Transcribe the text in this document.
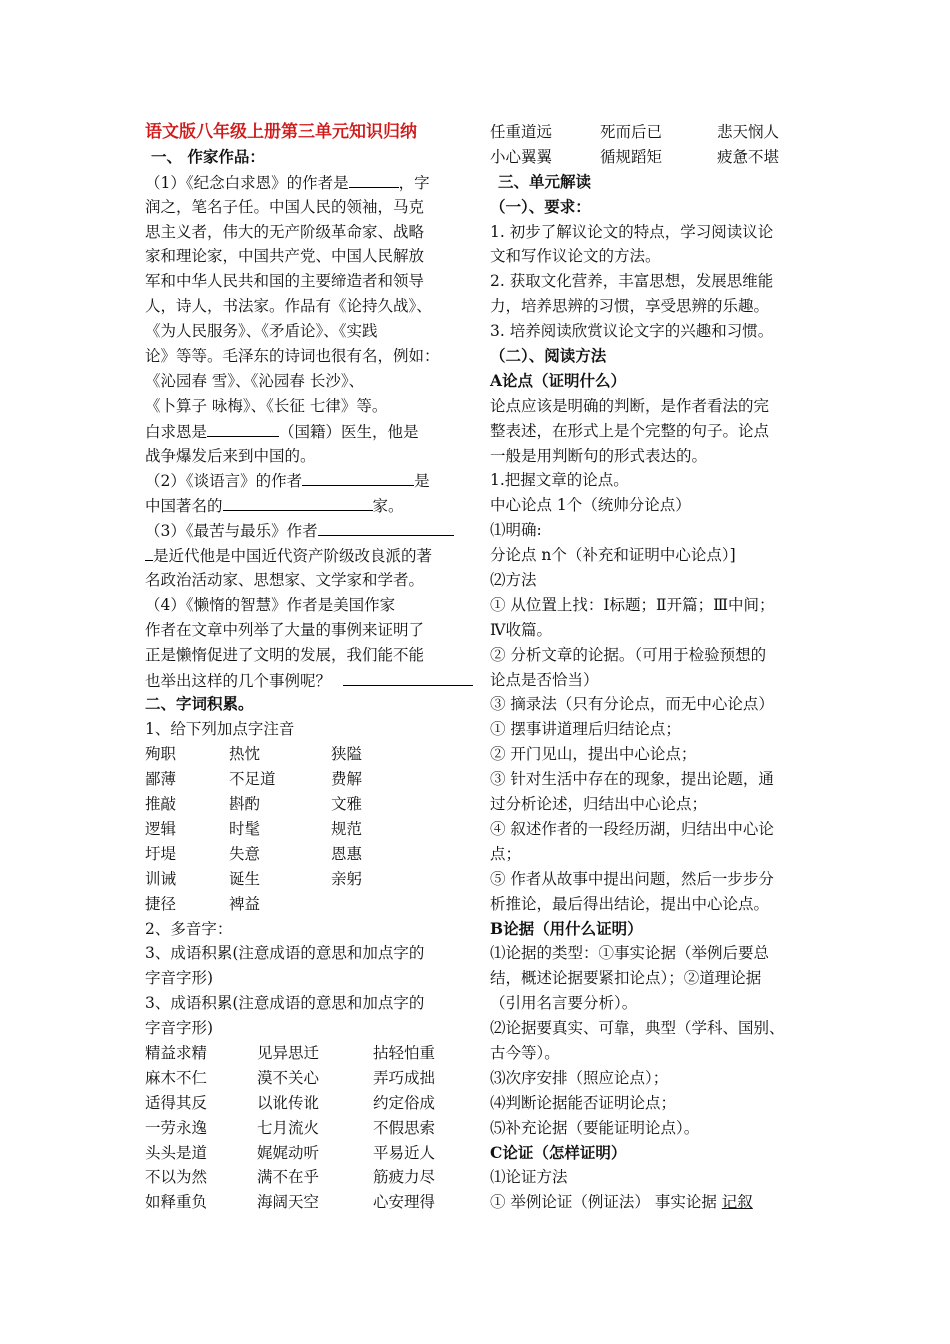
语文版八年级上册第三单元知识归纳
一、 作家作品：
（1）《纪念白求恩》的作者是	，字
润之，笔名子任。中国人民的领袖，马克
思主义者，伟大的无产阶级革命家、战略
家和理论家，中国共产党、中国人民解放
军和中华人民共和国的主要缔造者和领导
人，诗人，书法家。作品有《论持久战》、
《为人民服务》、《矛盾论》、《实践
论》等等。毛泽东的诗词也很有名，例如：
《沁园春 雪》、《沁园春 长沙》、
《卜算子 咏梅》、《长征 七律》等。
白求恩是	（国籍）医生，他是
战争爆发后来到中国的。
（2）《谈语言》的作者	是
中国著名的	家。
（3）《最苦与最乐》作者
是近代他是中国近代资产阶级改良派的著
名政治活动家、思想家、文学家和学者。
（4）《懒惰的智慧》作者是美国作家
作者在文章中列举了大量的事例来证明了
正是懒惰促进了文明的发展，我们能不能
也举出这样的几个事例呢？
二、字词积累。
1、给下列加点字注音
殉职	热忱	狭隘
鄙薄	不足道	费解
推敲	斟酌	文雅
逻辑	时髦	规范
圩堤	失意	恩惠
训诫	诞生	亲躬
捷径	裨益
2、多音字：
3、成语积累(注意成语的意思和加点字的
字音字形)
3、成语积累(注意成语的意思和加点字的
字音字形)
精益求精	见异思迁	拈轻怕重
麻木不仁	漠不关心	弄巧成拙
适得其反	以讹传讹	约定俗成
一劳永逸	七月流火	不假思索
头头是道	娓娓动听	平易近人
不以为然	满不在乎	筋疲力尽
如释重负	海阔天空	心安理得
任重道远	死而后已	悲天悯人
小心翼翼	循规蹈矩	疲惫不堪
三、单元解读
（一）、要求：
1. 初步了解议论文的特点，学习阅读议论
文和写作议论文的方法。
2. 获取文化营养，丰富思想，发展思维能
力，培养思辨的习惯，享受思辨的乐趣。
3. 培养阅读欣赏议论文字的兴趣和习惯。
（二）、阅读方法
A论点（证明什么）
论点应该是明确的判断，是作者看法的完
整表述，在形式上是个完整的句子。论点
一般是用判断句的形式表达的。
1.把握文章的论点。
中心论点 1个（统帅分论点）
⑴明确:
分论点 n个（补充和证明中心论点）]
⑵方法
① 从位置上找：Ⅰ标题；Ⅱ开篇；Ⅲ中间；
Ⅳ收篇。
② 分析文章的论据。（可用于检验预想的
论点是否恰当）
③ 摘录法（只有分论点，而无中心论点）
① 摆事讲道理后归结论点；
② 开门见山，提出中心论点；
③ 针对生活中存在的现象，提出论题，通
过分析论述，归结出中心论点；
④ 叙述作者的一段经历湖，归结出中心论
点；
⑤ 作者从故事中提出问题，然后一步步分
析推论，最后得出结论，提出中心论点。
B论据（用什么证明）
⑴论据的类型：①事实论据（举例后要总
结，概述论据要紧扣论点）；②道理论据
（引用名言要分析）。
⑵论据要真实、可靠，典型（学科、国别、
古今等）。
⑶次序安排（照应论点）；
⑷判断论据能否证明论点；
⑸补充论据（要能证明论点）。
C论证（怎样证明）
⑴论证方法
① 举例论证（例证法） 事实论据 记叙
